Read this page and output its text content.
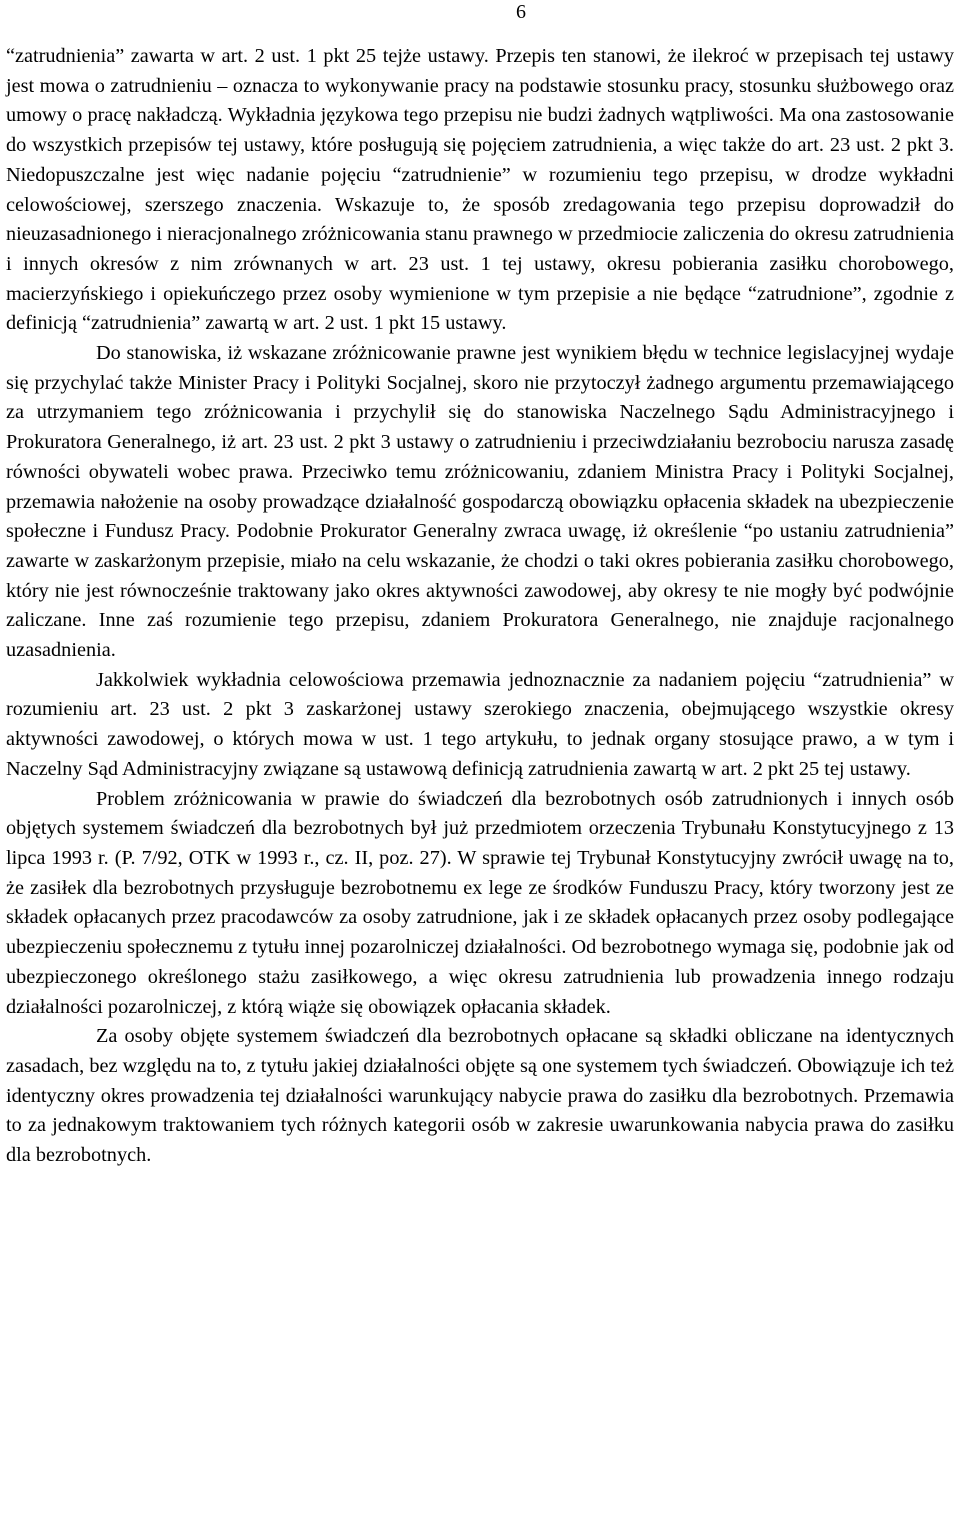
6

“zatrudnienia” zawarta w art. 2 ust. 1 pkt 25 tejże ustawy. Przepis ten stanowi, że ilekroć w przepisach tej ustawy jest mowa o zatrudnieniu – oznacza to wykonywanie pracy na podstawie stosunku pracy, stosunku służbowego oraz umowy o pracę nakładczą. Wykładnia językowa tego przepisu nie budzi żadnych wątpliwości. Ma ona zastosowanie do wszystkich przepisów tej ustawy, które posługują się pojęciem zatrudnienia, a więc także do art. 23 ust. 2 pkt 3. Niedopuszczalne jest więc nadanie pojęciu “zatrudnienie” w rozumieniu tego przepisu, w drodze wykładni celowościowej, szerszego znaczenia. Wskazuje to, że sposób zredagowania tego przepisu doprowadził do nieuzasadnionego i nieracjonalnego zróżnicowania stanu prawnego w przedmiocie zaliczenia do okresu zatrudnienia i innych okresów z nim zrównanych w art. 23 ust. 1 tej ustawy, okresu pobierania zasiłku chorobowego, macierzyńskiego i opiekuńczego przez osoby wymienione w tym przepisie a nie będące “zatrudnione”, zgodnie z definicją “zatrudnienia” zawartą w art. 2 ust. 1 pkt 15 ustawy.

Do stanowiska, iż wskazane zróżnicowanie prawne jest wynikiem błędu w technice legislacyjnej wydaje się przychylać także Minister Pracy i Polityki Socjalnej, skoro nie przytoczył żadnego argumentu przemawiającego za utrzymaniem tego zróżnicowania i przychylił się do stanowiska Naczelnego Sądu Administracyjnego i Prokuratora Generalnego, iż art. 23 ust. 2 pkt 3 ustawy o zatrudnieniu i przeciwdziałaniu bezrobociu narusza zasadę równości obywateli wobec prawa. Przeciwko temu zróżnicowaniu, zdaniem Ministra Pracy i Polityki Socjalnej, przemawia nałożenie na osoby prowadzące działalność gospodarczą obowiązku opłacenia składek na ubezpieczenie społeczne i Fundusz Pracy. Podobnie Prokurator Generalny zwraca uwagę, iż określenie “po ustaniu zatrudnienia” zawarte w zaskarżonym przepisie, miało na celu wskazanie, że chodzi o taki okres pobierania zasiłku chorobowego, który nie jest równocześnie traktowany jako okres aktywności zawodowej, aby okresy te nie mogły być podwójnie zaliczane. Inne zaś rozumienie tego przepisu, zdaniem Prokuratora Generalnego, nie znajduje racjonalnego uzasadnienia.

Jakkolwiek wykładnia celowościowa przemawia jednoznacznie za nadaniem pojęciu “zatrudnienia” w rozumieniu art. 23 ust. 2 pkt 3 zaskarżonej ustawy szerokiego znaczenia, obejmującego wszystkie okresy aktywności zawodowej, o których mowa w ust. 1 tego artykułu, to jednak organy stosujące prawo, a w tym i Naczelny Sąd Administracyjny związane są ustawową definicją zatrudnienia zawartą w art. 2 pkt 25 tej ustawy.

Problem zróżnicowania w prawie do świadczeń dla bezrobotnych osób zatrudnionych i innych osób objętych systemem świadczeń dla bezrobotnych był już przedmiotem orzeczenia Trybunału Konstytucyjnego z 13 lipca 1993 r. (P. 7/92, OTK w 1993 r., cz. II, poz. 27). W sprawie tej Trybunał Konstytucyjny zwrócił uwagę na to, że zasiłek dla bezrobotnych przysługuje bezrobotnemu ex lege ze środków Funduszu Pracy, który tworzony jest ze składek opłacanych przez pracodawców za osoby zatrudnione, jak i ze składek opłacanych przez osoby podlegające ubezpieczeniu społecznemu z tytułu innej pozarolniczej działalności. Od bezrobotnego wymaga się, podobnie jak od ubezpieczonego określonego stażu zasiłkowego, a więc okresu zatrudnienia lub prowadzenia innego rodzaju działalności pozarolniczej, z którą wiąże się obowiązek opłacania składek.

Za osoby objęte systemem świadczeń dla bezrobotnych opłacane są składki obliczane na identycznych zasadach, bez względu na to, z tytułu jakiej działalności objęte są one systemem tych świadczeń. Obowiązuje ich też identyczny okres prowadzenia tej działalności warunkujący nabycie prawa do zasiłku dla bezrobotnych. Przemawia to za jednakowym traktowaniem tych różnych kategorii osób w zakresie uwarunkowania nabycia prawa do zasiłku dla bezrobotnych.
